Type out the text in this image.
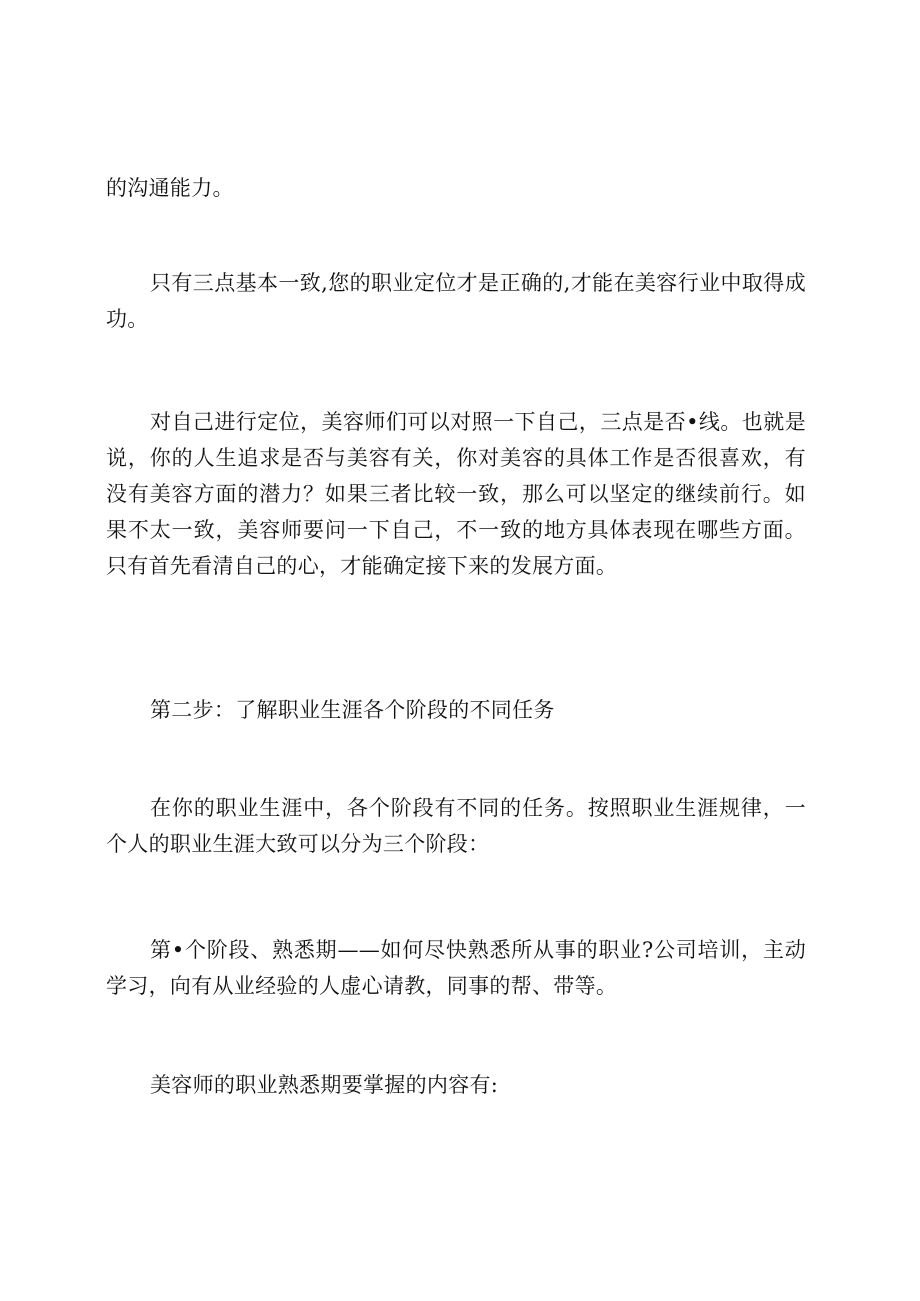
的沟通能力。

只有三点基本一致,您的职业定位才是正确的,才能在美容行业中取得成功。

对自己进行定位，美容师们可以对照一下自己，三点是否•线。也就是说，你的人生追求是否与美容有关，你对美容的具体工作是否很喜欢，有没有美容方面的潜力？如果三者比较一致，那么可以坚定的继续前行。如果不太一致，美容师要问一下自己，不一致的地方具体表现在哪些方面。只有首先看清自己的心，才能确定接下来的发展方面。

第二步：了解职业生涯各个阶段的不同任务

在你的职业生涯中，各个阶段有不同的任务。按照职业生涯规律，一个人的职业生涯大致可以分为三个阶段：

第•个阶段、熟悉期——如何尽快熟悉所从事的职业?公司培训，主动学习，向有从业经验的人虚心请教，同事的帮、带等。

美容师的职业熟悉期要掌握的内容有:
